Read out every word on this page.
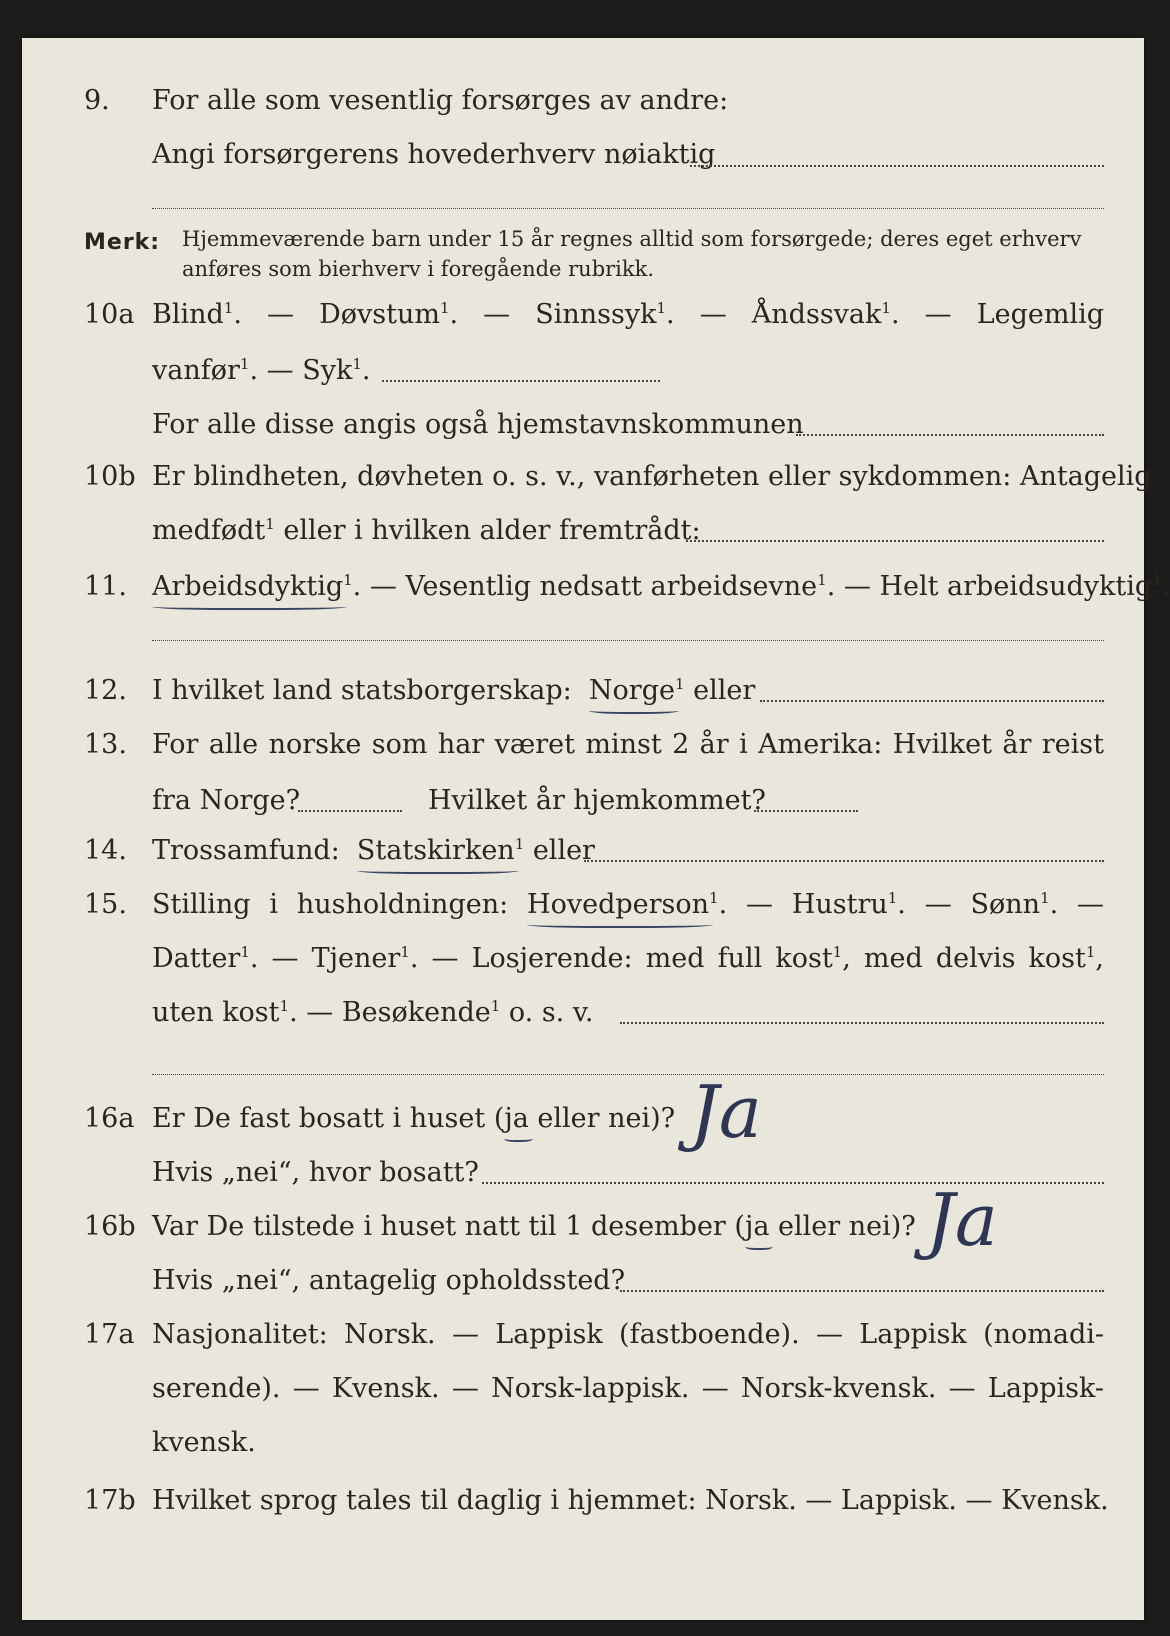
9. For alle som vesentlig forsørges av andre:
Angi forsørgerens hovederhverv nøiaktig
Merk: Hjemmeværende barn under 15 år regnes alltid som forsørgede; deres eget erhverv
anføres som bierhverv i foregående rubrikk.
10a Blind$^1$. — Døvstum$^1$. — Sinnssyk$^1$. — Åndssvak$^1$. — Legemlig
vanfør$^1$. — Syk$^1$.
For alle disse angis også hjemstavnskommunen
10b Er blindheten, døvheten o. s. v., vanførheten eller sykdommen: Antagelig
medfødt$^1$ eller i hvilken alder fremtrådt:
11. Arbeidsdyktig$^1$. — Vesentlig nedsatt arbeidsevne$^1$. — Helt arbeidsudyktig$^1$.
12. I hvilket land statsborgerskap: Norge$^1$ eller
13. For alle norske som har været minst 2 år i Amerika: Hvilket år reist
fra Norge?	Hvilket år hjemkommet?
14. Trossamfund: Statskirken$^1$ eller
15. Stilling i husholdningen: Hovedperson$^1$. — Hustru$^1$. — Sønn$^1$. —
Datter$^1$. — Tjener$^1$. — Losjerende: med full kost$^1$, med delvis kost$^1$,
uten kost$^1$. — Besøkende$^1$ o. s. v.
16a Er De fast bosatt i huset (ja eller nei)? Ja
Hvis „nei“, hvor bosatt?
16b Var De tilstede i huset natt til 1 desember (ja eller nei)? Ja
Hvis „nei“, antagelig opholdssted?
17a Nasjonalitet: Norsk. — Lappisk (fastboende). — Lappisk (nomadi-
serende). — Kvensk. — Norsk-lappisk. — Norsk-kvensk. — Lappisk-
kvensk.
17b Hvilket sprog tales til daglig i hjemmet: Norsk. — Lappisk. — Kvensk.
